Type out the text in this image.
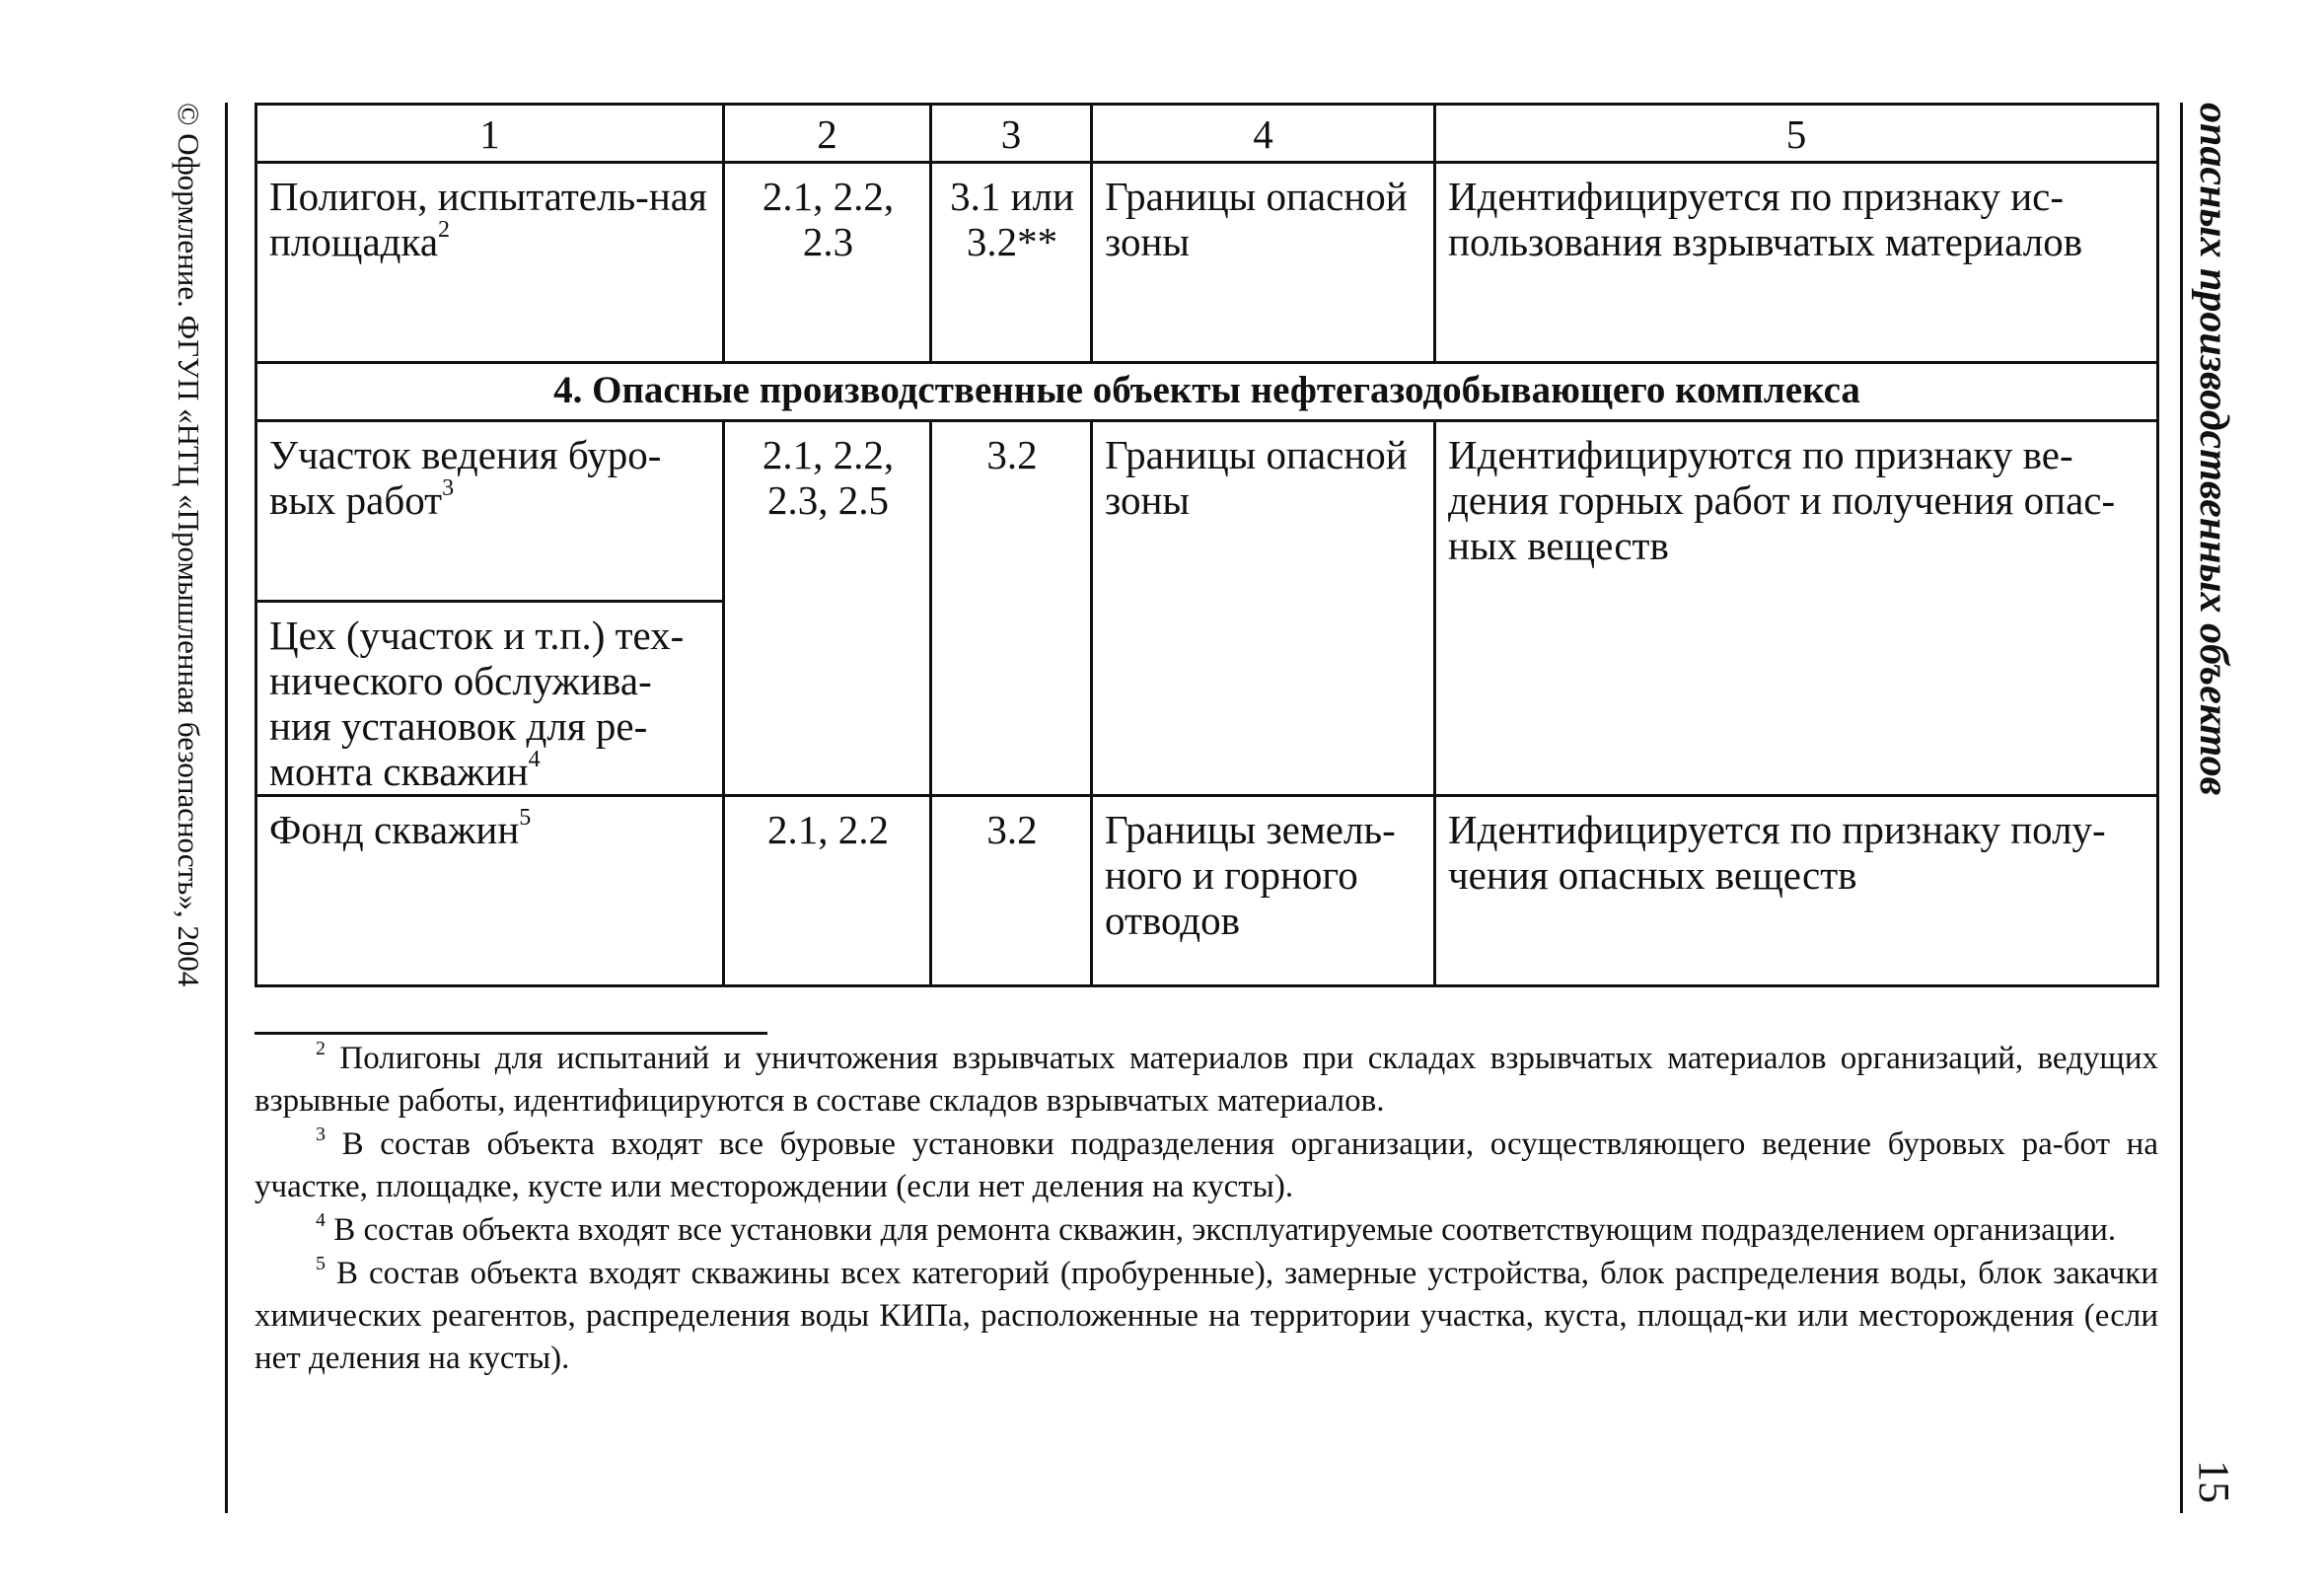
© Оформление. ФГУП «НТЦ «Промышленная безопасность», 2004	опасных производственных объектов
15
1	2	3	4	5
Полигон, испытатель-ная площадка$^2$	2.1, 2.2, 2.3	3.1 или 3.2**	Границы опасной зоны	Идентифицируется по признаку ис-пользования взрывчатых материалов
4. Опасные производственные объекты нефтегазодобывающего комплекса				
Участок ведения буро-вых работ$^3$	2.1, 2.2, 2.3, 2.5	3.2	Границы опасной зоны	Идентифицируются по признаку ве-дения горных работ и получения опас-ных веществ
Цех (участок и т.п.) тех-нического обслужива-ния установок для ре-монта скважин$^4$
Фонд скважин$^5$	2.1, 2.2	3.2	Границы земель-ного и горного отводов	Идентифицируется по признаку полу-чения опасных веществ

$^2$ Полигоны для испытаний и уничтожения взрывчатых материалов при складах взрывчатых материалов организаций, ведущих взрывные работы, идентифицируются в составе складов взрывчатых материалов.

$^3$ В состав объекта входят все буровые установки подразделения организации, осуществляющего ведение буровых ра-бот на участке, площадке, кусте или месторождении (если нет деления на кусты).

$^4$ В состав объекта входят все установки для ремонта скважин, эксплуатируемые соответствующим подразделением организации.

$^5$ В состав объекта входят скважины всех категорий (пробуренные), замерные устройства, блок распределения воды, блок закачки химических реагентов, распределения воды КИПа, расположенные на территории участка, куста, площад-ки или месторождения (если нет деления на кусты).
